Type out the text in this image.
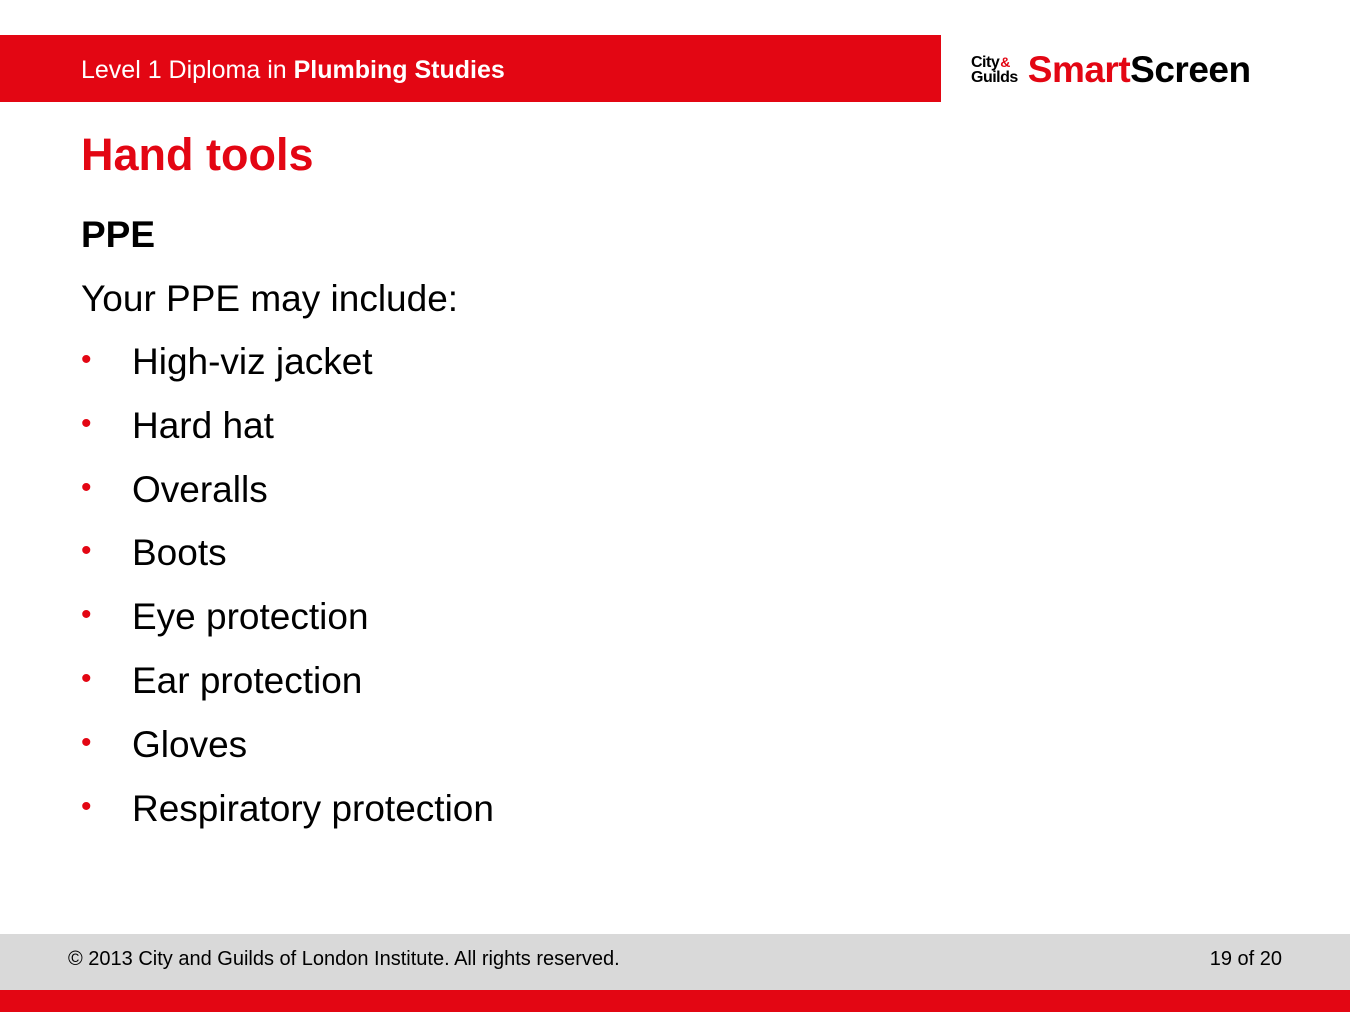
Level 1 Diploma in Plumbing Studies	City &
Guilds Smart Screen
Hand tools
PPE
Your PPE may include:
• High-viz jacket
• Hard hat
• Overalls
• Boots
• Eye protection
• Ear protection
• Gloves
• Respiratory protection
© 2013 City and Guilds of London Institute. All rights reserved.	19 of 20
